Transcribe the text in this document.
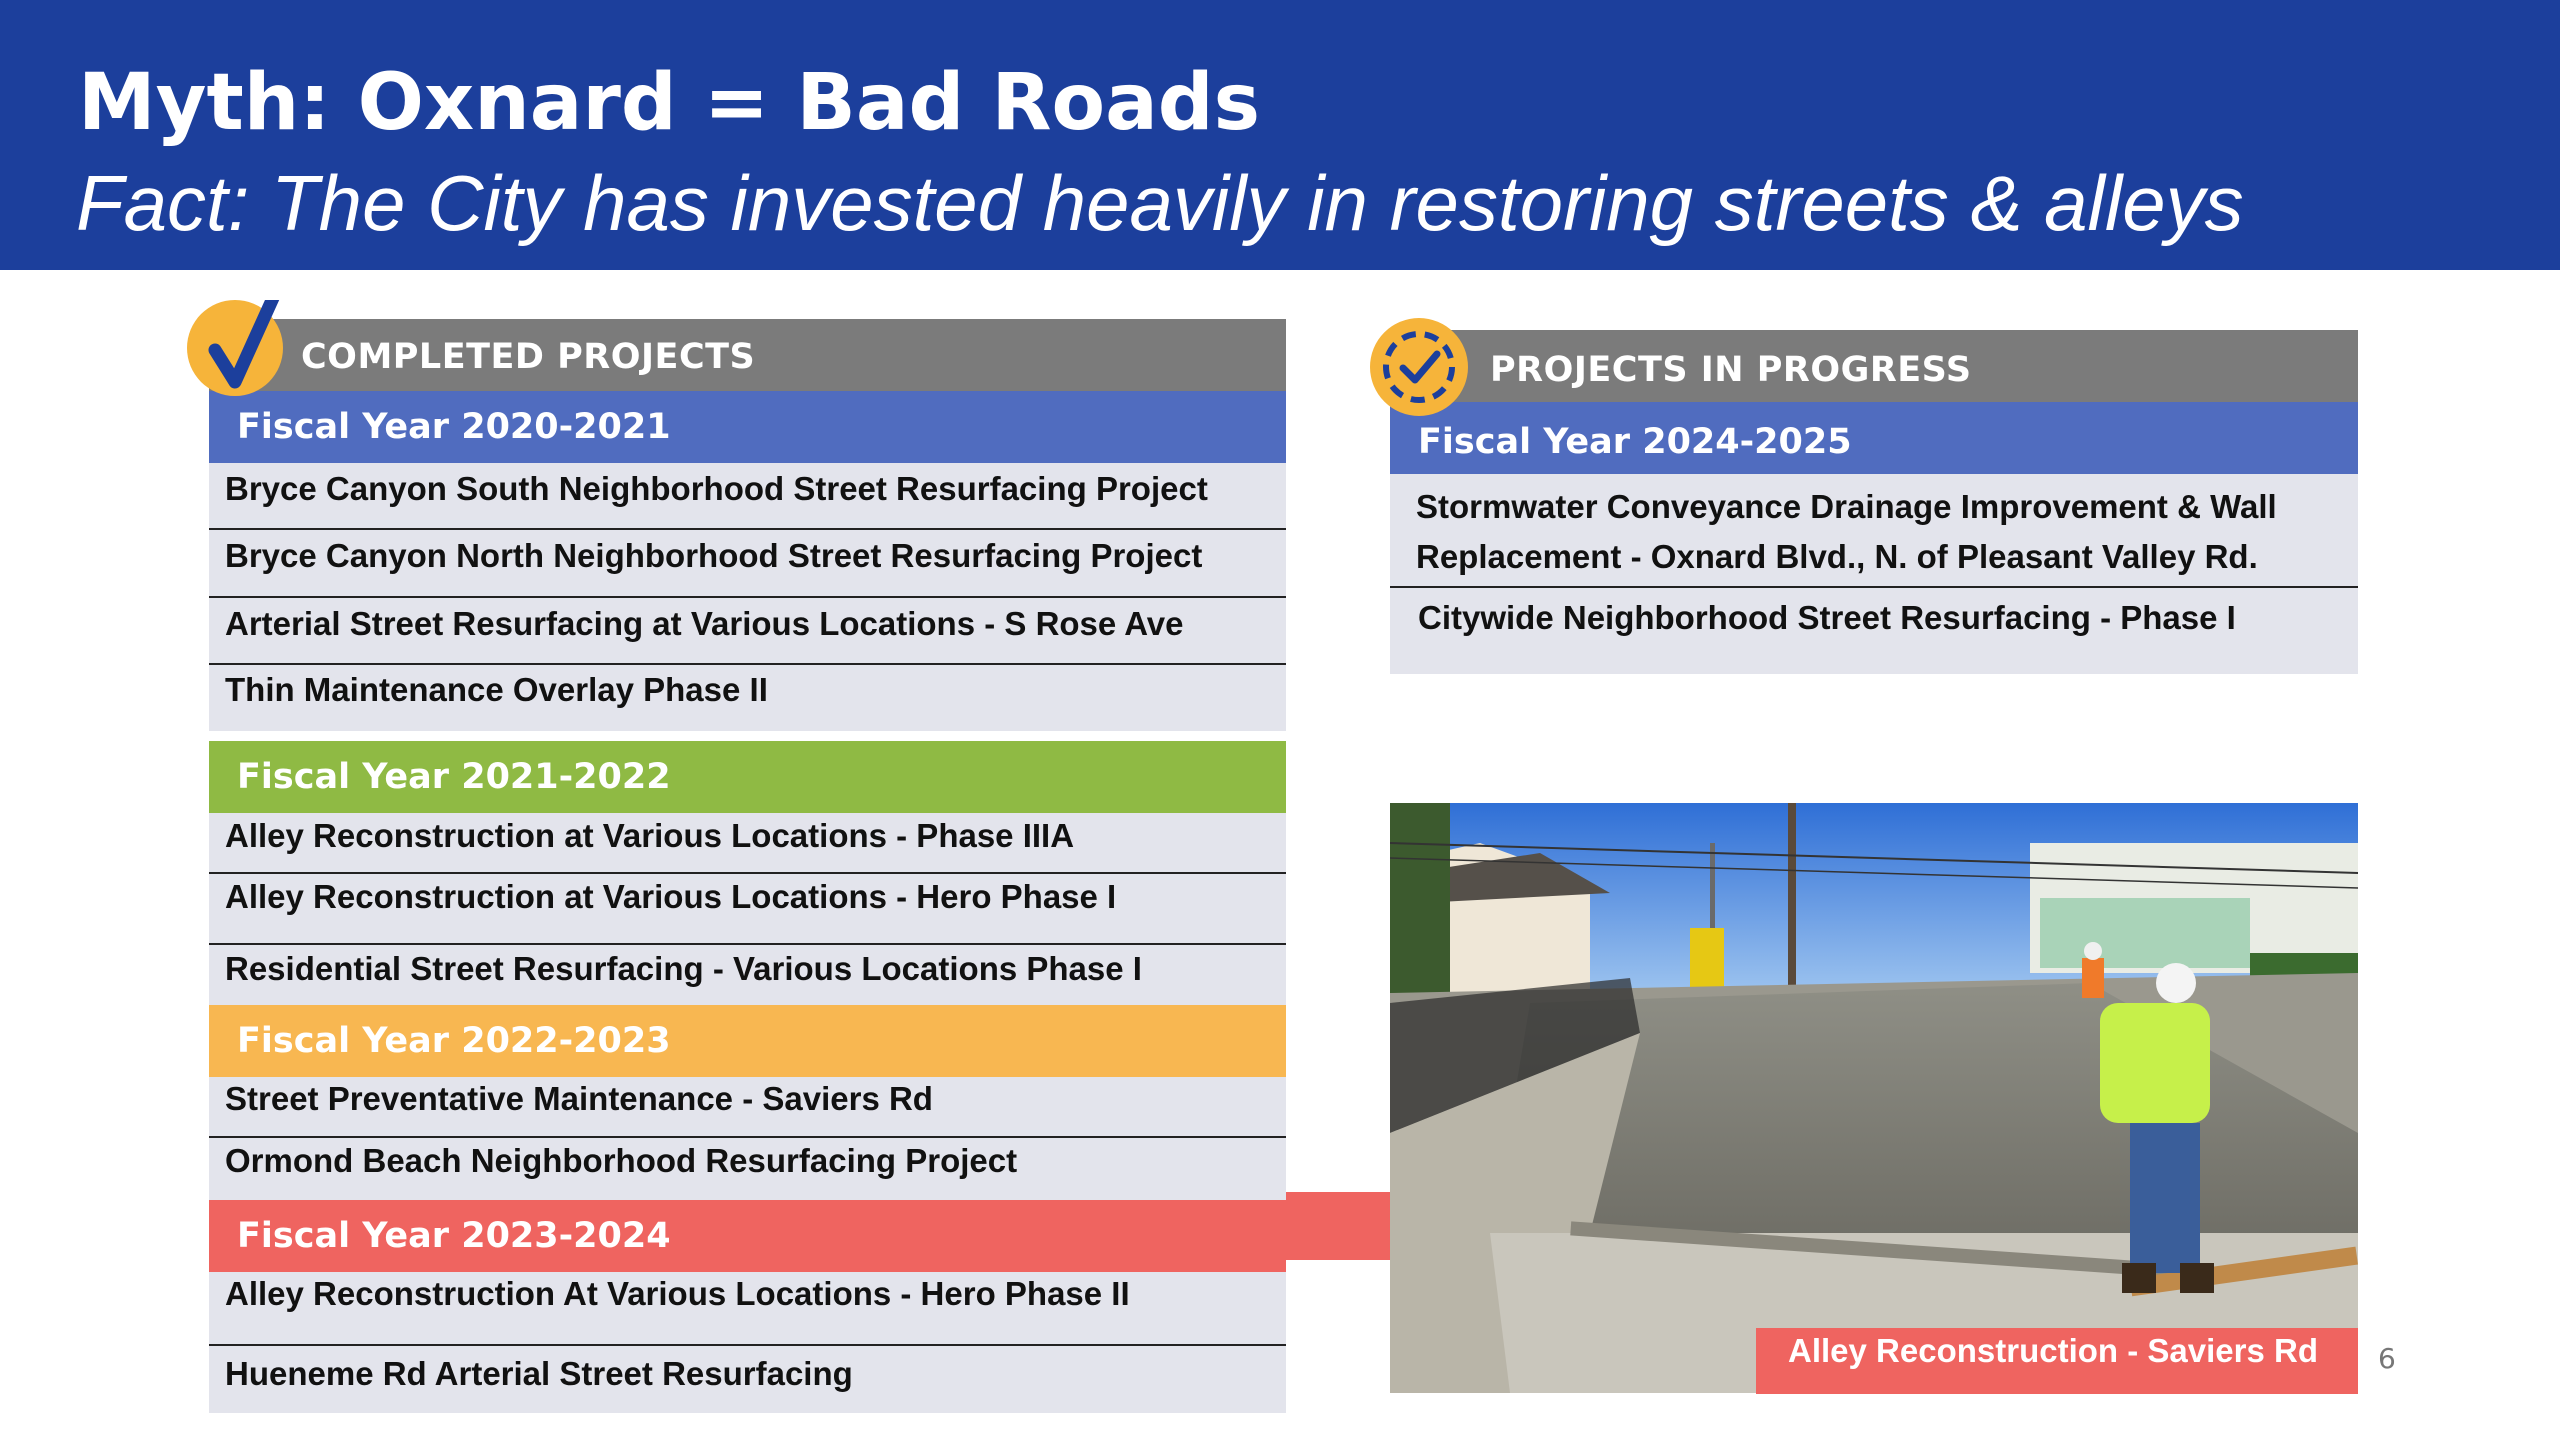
Myth: Oxnard = Bad Roads
Fact: The City has invested heavily in restoring streets & alleys
COMPLETED PROJECTS
Fiscal Year 2020-2021
Bryce Canyon South Neighborhood Street Resurfacing Project
Bryce Canyon North Neighborhood Street Resurfacing Project
Arterial Street Resurfacing at Various Locations - S Rose Ave
Thin Maintenance Overlay Phase II
Fiscal Year 2021-2022
Alley Reconstruction at Various Locations - Phase IIIA
Alley Reconstruction at Various Locations - Hero Phase I
Residential Street Resurfacing - Various Locations Phase I
Fiscal Year 2022-2023
Street Preventative Maintenance - Saviers Rd
Ormond Beach Neighborhood Resurfacing Project
Fiscal Year 2023-2024
Alley Reconstruction At Various Locations - Hero Phase II
Hueneme Rd Arterial Street Resurfacing
PROJECTS IN PROGRESS
Fiscal Year 2024-2025
Stormwater Conveyance Drainage Improvement & Wall
Replacement - Oxnard Blvd., N. of Pleasant Valley Rd.
Citywide Neighborhood Street Resurfacing - Phase I
Alley Reconstruction - Saviers Rd	6
